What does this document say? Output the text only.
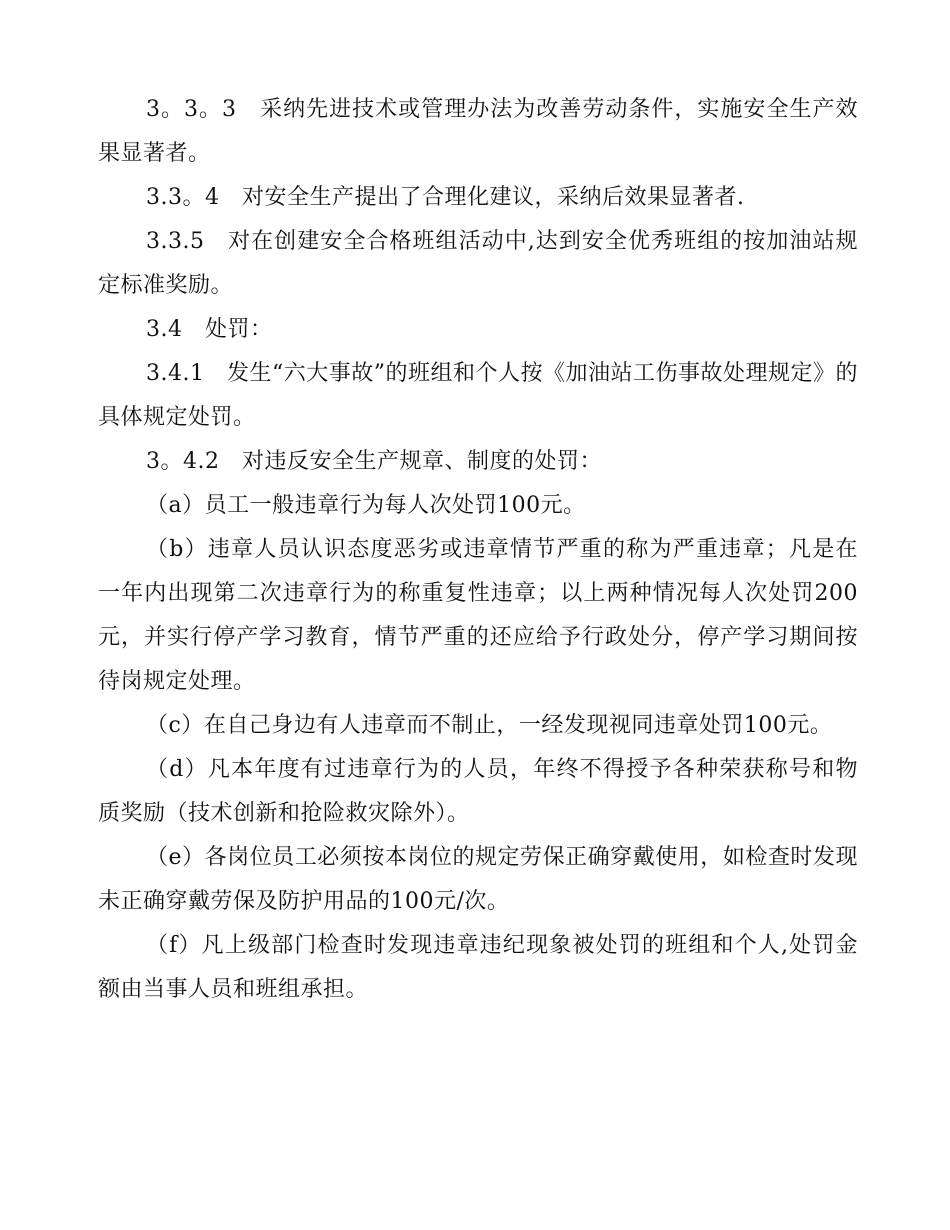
3。3。3　采纳先进技术或管理办法为改善劳动条件，实施安全生产效果显著者。

3.3。4　对安全生产提出了合理化建议，采纳后效果显著者.

3.3.5　对在创建安全合格班组活动中,达到安全优秀班组的按加油站规定标准奖励。

3.4　处罚：

3.4.1　发生“六大事故”的班组和个人按《加油站工伤事故处理规定》的具体规定处罚。

3。4.2　对违反安全生产规章、制度的处罚：

（a）员工一般违章行为每人次处罚100元。

（b）违章人员认识态度恶劣或违章情节严重的称为严重违章；凡是在一年内出现第二次违章行为的称重复性违章；以上两种情况每人次处罚200元，并实行停产学习教育，情节严重的还应给予行政处分，停产学习期间按待岗规定处理。

（c）在自己身边有人违章而不制止，一经发现视同违章处罚100元。

（d）凡本年度有过违章行为的人员，年终不得授予各种荣获称号和物质奖励（技术创新和抢险救灾除外）。

（e）各岗位员工必须按本岗位的规定劳保正确穿戴使用，如检查时发现未正确穿戴劳保及防护用品的100元/次。

（f）凡上级部门检查时发现违章违纪现象被处罚的班组和个人,处罚金额由当事人员和班组承担。
